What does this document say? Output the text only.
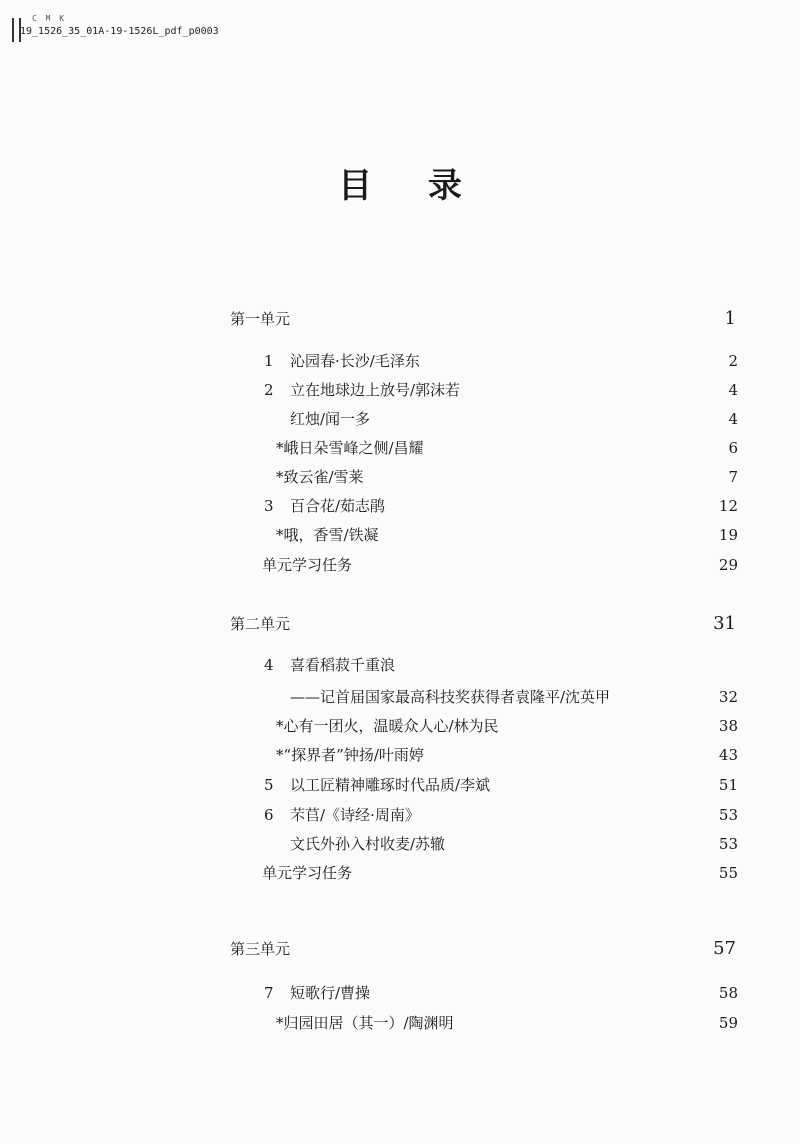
C M K
19_1526_35_01A-19-1526L_pdf_p0003
目 录
第一单元	1
1	沁园春·长沙/毛泽东	2
2	立在地球边上放号/郭沫若	4
红烛/闻一多	4
*峨日朵雪峰之侧/昌耀	6
*致云雀/雪莱	7
3	百合花/茹志鹃	12
*哦，香雪/铁凝	19
单元学习任务	29
第二单元	31
4	喜看稻菽千重浪
——记首届国家最高科技奖获得者袁隆平/沈英甲	32
*心有一团火，温暖众人心/林为民	38
*“探界者”钟扬/叶雨婷	43
5	以工匠精神雕琢时代品质/李斌	51
6	芣苢/《诗经·周南》	53
文氏外孙入村收麦/苏辙	53
单元学习任务	55
第三单元	57
7	短歌行/曹操	58
*归园田居（其一）/陶渊明	59
